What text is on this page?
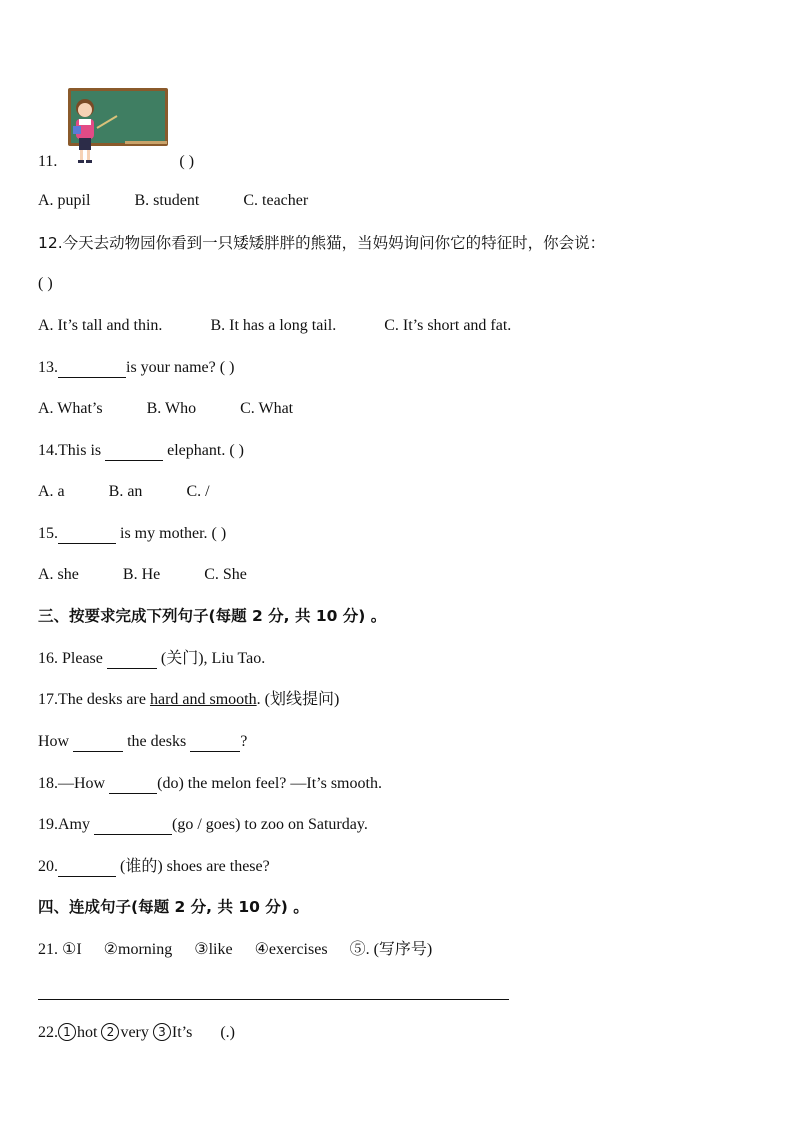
11.	( )
A. pupil	B. student	C. teacher
12.今天去动物园你看到一只矮矮胖胖的熊猫，当妈妈询问你它的特征时，你会说：
( )
A. It’s tall and thin.	B. It has a long tail.	C. It’s short and fat.
13.	is your name? ( )
A. What’s	B. Who	C. What
14.This is	elephant. ( )
A. a	B. an	C. /
15.	is my mother. ( )
A. she	B. He	C. She
三、按要求完成下列句子(每题 2 分, 共 10 分) 。
16. Please	(关门), Liu Tao.
17.The desks are hard and smooth. (划线提问)
How	the desks	?
18.—How	(do) the melon feel? —It’s smooth.
19.Amy	(go / goes) to zoo on Saturday.
20.	(谁的) shoes are these?
四、连成句子(每题 2 分, 共 10 分) 。
21. ①I ②morning ③like ④exercises ⑤. (写序号)
22. 1 hot 2 very 3 It’s (.)
